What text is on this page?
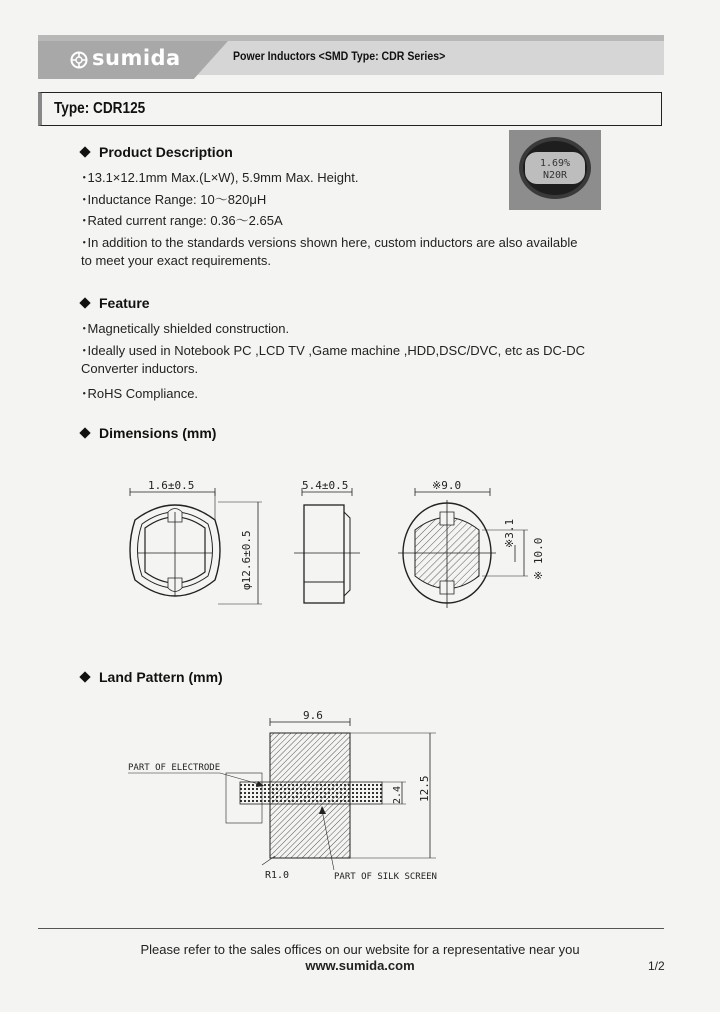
sumida	Power Inductors <SMD Type: CDR Series>
Type: CDR125
1.69%
N20R
Product Description
･13.1×12.1mm Max.(L×W), 5.9mm Max. Height.
･Inductance Range: 10～820μH
･Rated current range: 0.36～2.65A
･In addition to the standards versions shown here, custom inductors are also available
to meet your exact requirements.
Feature
･Magnetically shielded construction.
･Ideally used in Notebook PC ,LCD TV ,Game machine ,HDD,DSC/DVC, etc as DC-DC
Converter inductors.
･RoHS Compliance.
Dimensions (mm)
1.6±0.5
φ12.6±0.5
5.4±0.5	※9.0
※3.1
※ 10.0
Land Pattern (mm)
9.6
12.5
2.4
PART OF ELECTRODE
R1.0	PART OF SILK SCREEN
Please refer to the sales offices on our website for a representative near you
www.sumida.com	1/2
